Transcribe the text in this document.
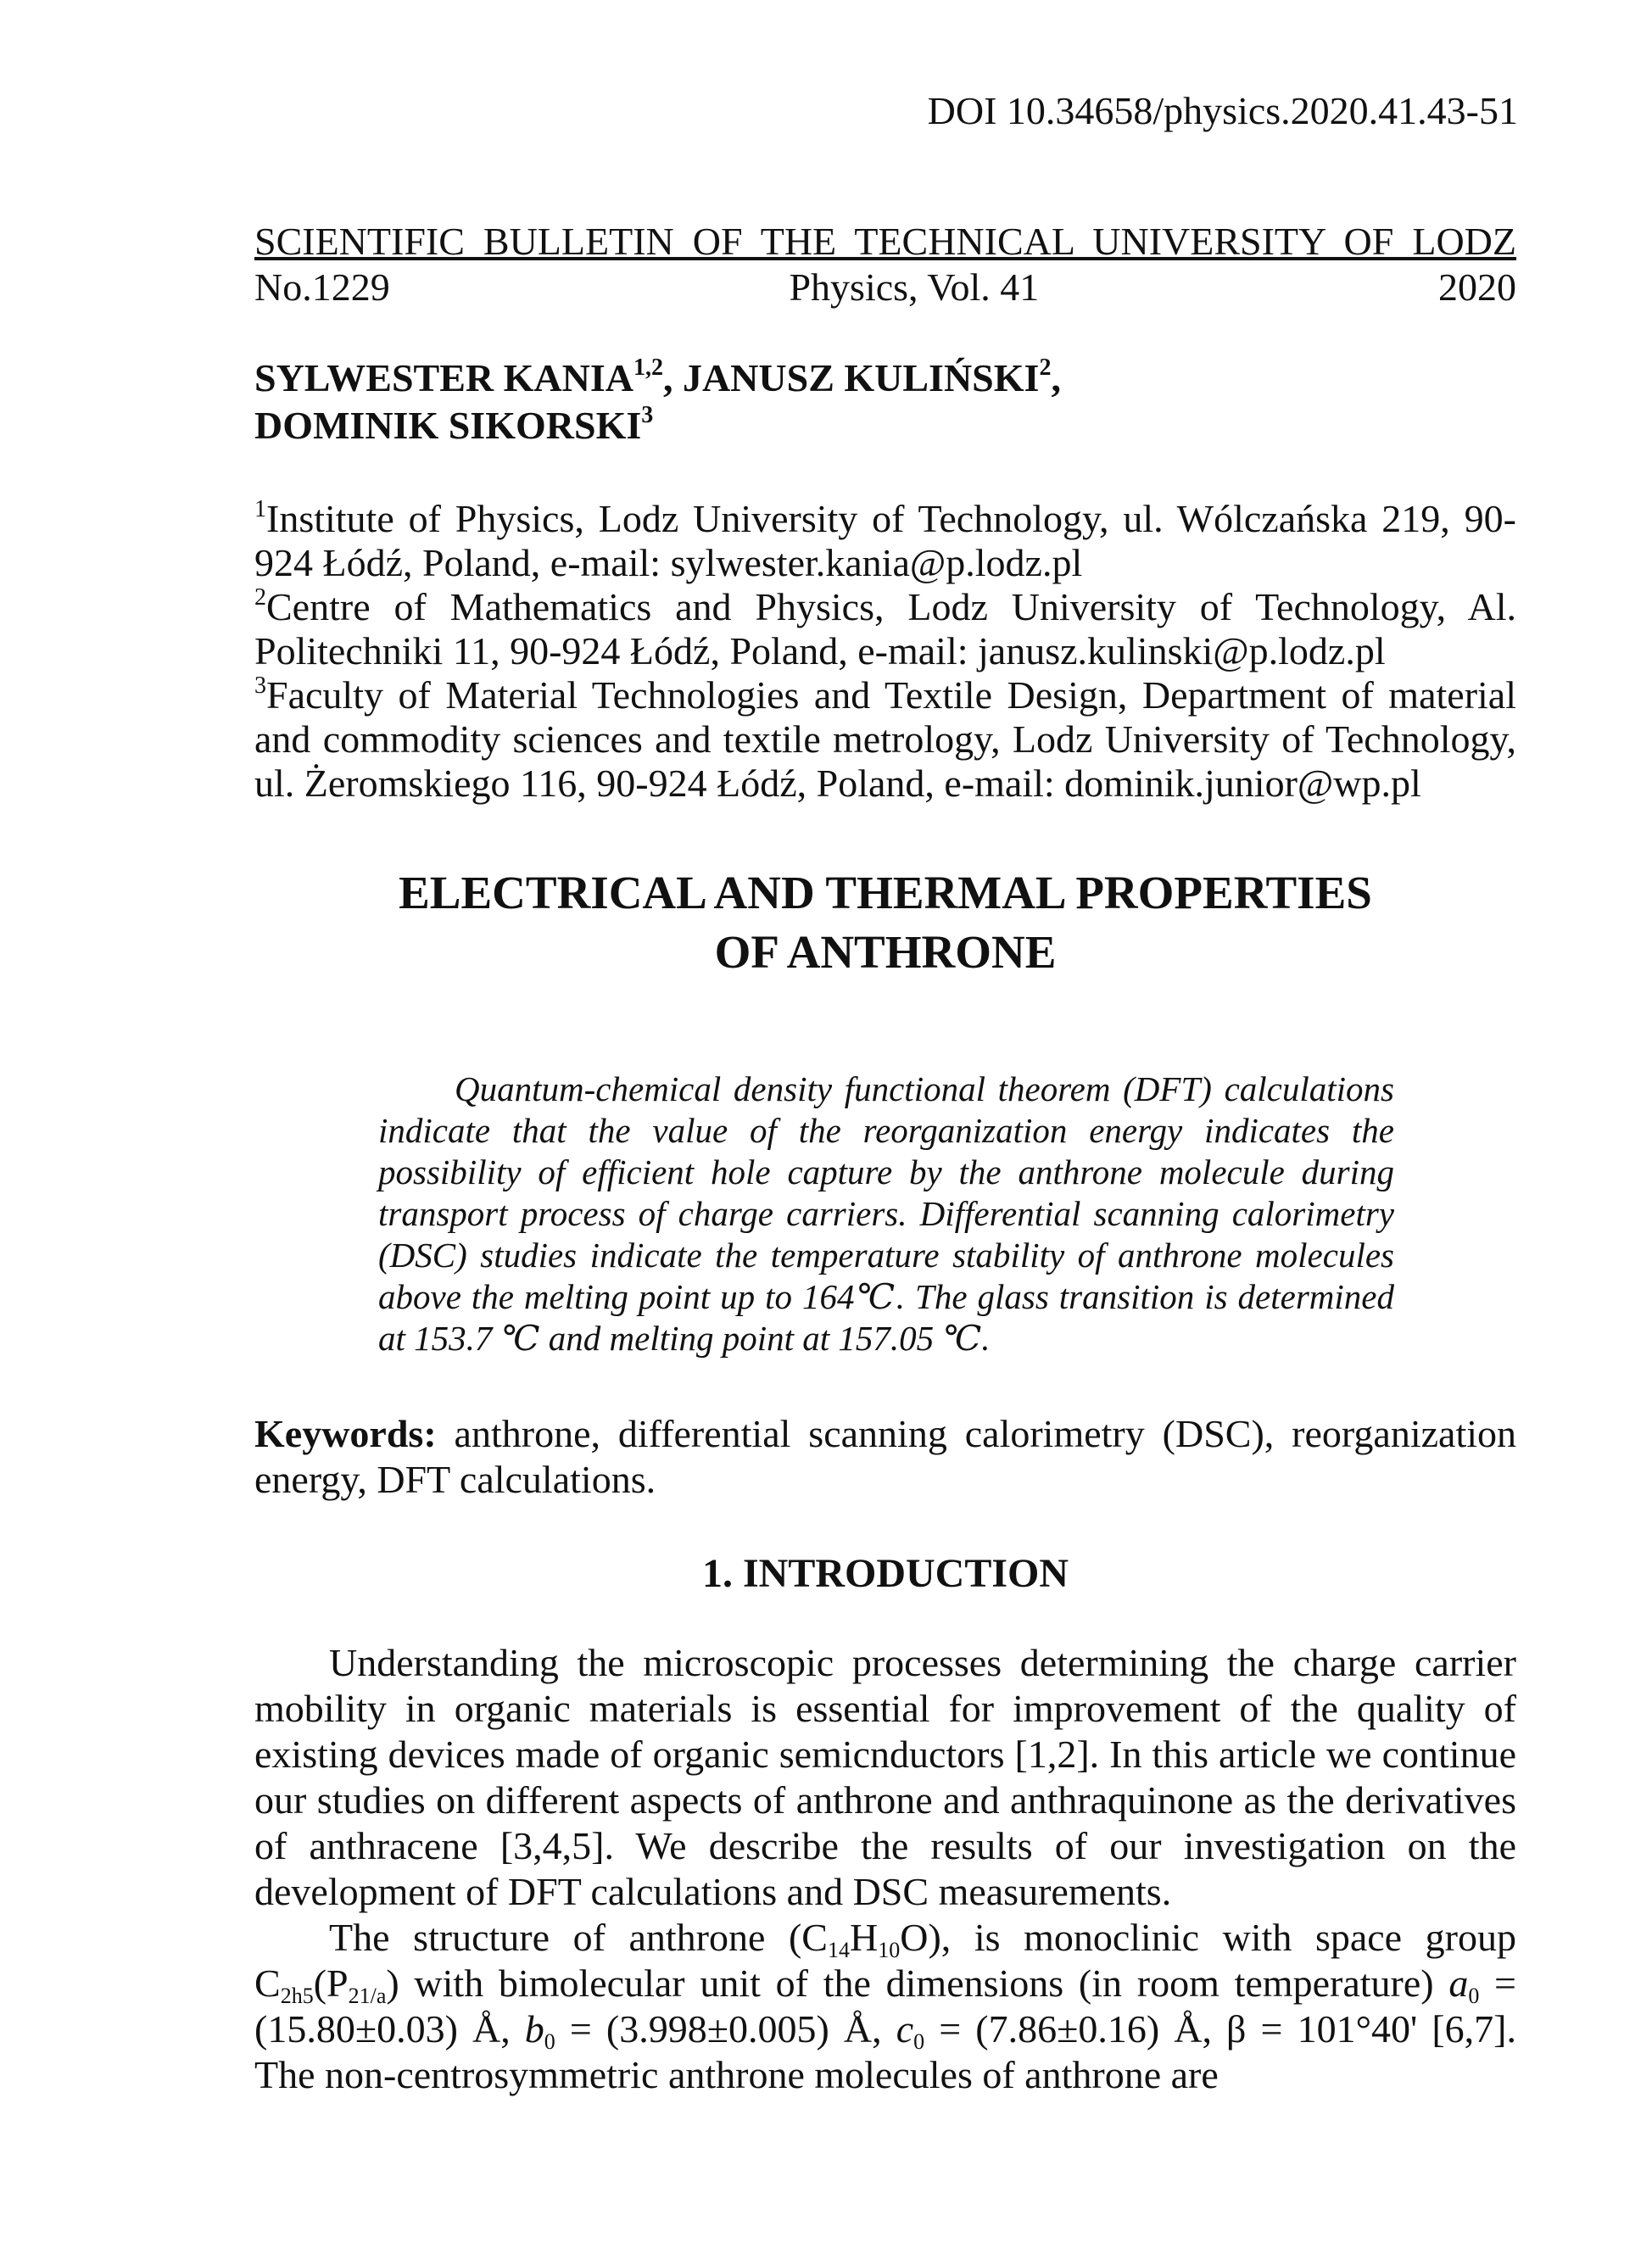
DOI 10.34658/physics.2020.41.43-51
SCIENTIFIC BULLETIN OF THE TECHNICAL UNIVERSITY OF LODZ
No.1229	Physics, Vol. 41	2020
SYLWESTER KANIA$^{1,2}$, JANUSZ KULIŃSKI$^2$,
DOMINIK SIKORSKI$^3$

$^1$Institute of Physics, Lodz University of Technology, ul. Wólczańska 219, 90-924 Łódź, Poland, e-mail: sylwester.kania@p.lodz.pl

$^2$Centre of Mathematics and Physics, Lodz University of Technology, Al. Politechniki 11, 90-924 Łódź, Poland, e-mail: janusz.kulinski@p.lodz.pl

$^3$Faculty of Material Technologies and Textile Design, Department of material and commodity sciences and textile metrology, Lodz University of Technology, ul. Żeromskiego 116, 90-924 Łódź, Poland, e-mail: dominik.junior@wp.pl

ELECTRICAL AND THERMAL PROPERTIES
OF ANTHRONE
Quantum-chemical density functional theorem (DFT) calculations indicate that the value of the reorganization energy indicates the possibility of efficient hole capture by the anthrone molecule during transport process of charge carriers. Differential scanning calorimetry (DSC) studies indicate the temperature stability of anthrone molecules above the melting point up to 164℃. The glass transition is determined at 153.7 ℃ and melting point at 157.05 ℃.
Keywords: anthrone, differential scanning calorimetry (DSC), reorganization energy, DFT calculations.
1. INTRODUCTION

Understanding the microscopic processes determining the charge carrier mobility in organic materials is essential for improvement of the quality of existing devices made of organic semicnductors [1,2]. In this article we continue our studies on different aspects of anthrone and anthraquinone as the derivatives of anthracene [3,4,5]. We describe the results of our investigation on the development of DFT calculations and DSC measurements.

The structure of anthrone $(C_{14}H_{10}O)$, is monoclinic with space group $C_{2h5}(P_{21/a})$ with bimolecular unit of the dimensions (in room temperature) $a_0 = (15.80\pm 0.03)$ Å, $b_0 = (3.998\pm 0.005)$ Å, $c_0 = (7.86\pm 0.16)$ Å, β = 101°40' [6,7]. The non-centrosymmetric anthrone molecules of anthrone are
